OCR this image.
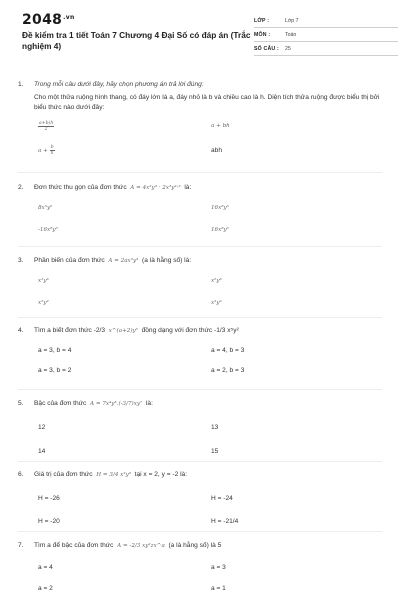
$2048^{.vn}$
Đề kiểm tra 1 tiết Toán 7 Chương 4 Đại Số có đáp án (Trắc nghiệm 4)
LỚP :	Lớp 7
MÔN :	Toán
SỐ CÂU :	25
1. Trong mỗi câu dưới đây, hãy chọn phương án trả lời đúng:
Cho một thửa ruộng hình thang, có đáy lớn là a, đáy nhỏ là b và chiều cao là h. Diện tích thửa ruộng được biểu thị bởi biểu thức nào dưới đây:
$\frac{a+b)h}{2}$	a + bh
$a + \frac{b}{h}$	abh
2. Đơn thức thu gọn của đơn thức A = 4x²y³ · 2x³y²·² là:
8x⁵y⁶	16x⁸y⁶
-16x⁸y⁶	16x⁸y⁶
3. Phần biến của đơn thức A = 2ax²y³ (a là hằng số) là:
x²y³	x⁶y³
x⁵y²	x²y²
4. Tìm a biết đơn thức -2/3 x^(a+2)y⁶ đồng dạng với đơn thức -1/3 x⁵y²
a = 3, b = 4	a = 4, b = 3
a = 3, b = 2	a = 2, b = 3
5. Bậc của đơn thức A = 7x⁴y³.(-3/7)xy⁷ là:
12	13
14	15
6. Giá trị của đơn thức H = 3/4 x²y³ tại x = 2, y = -2 là:
H = -26	H = -24
H = -20	H = -21/4
7. Tìm a để bậc của đơn thức A = -2/3 xy²zx^a (a là hằng số) là 5
a = 4	a = 3
a = 2	a = 1
